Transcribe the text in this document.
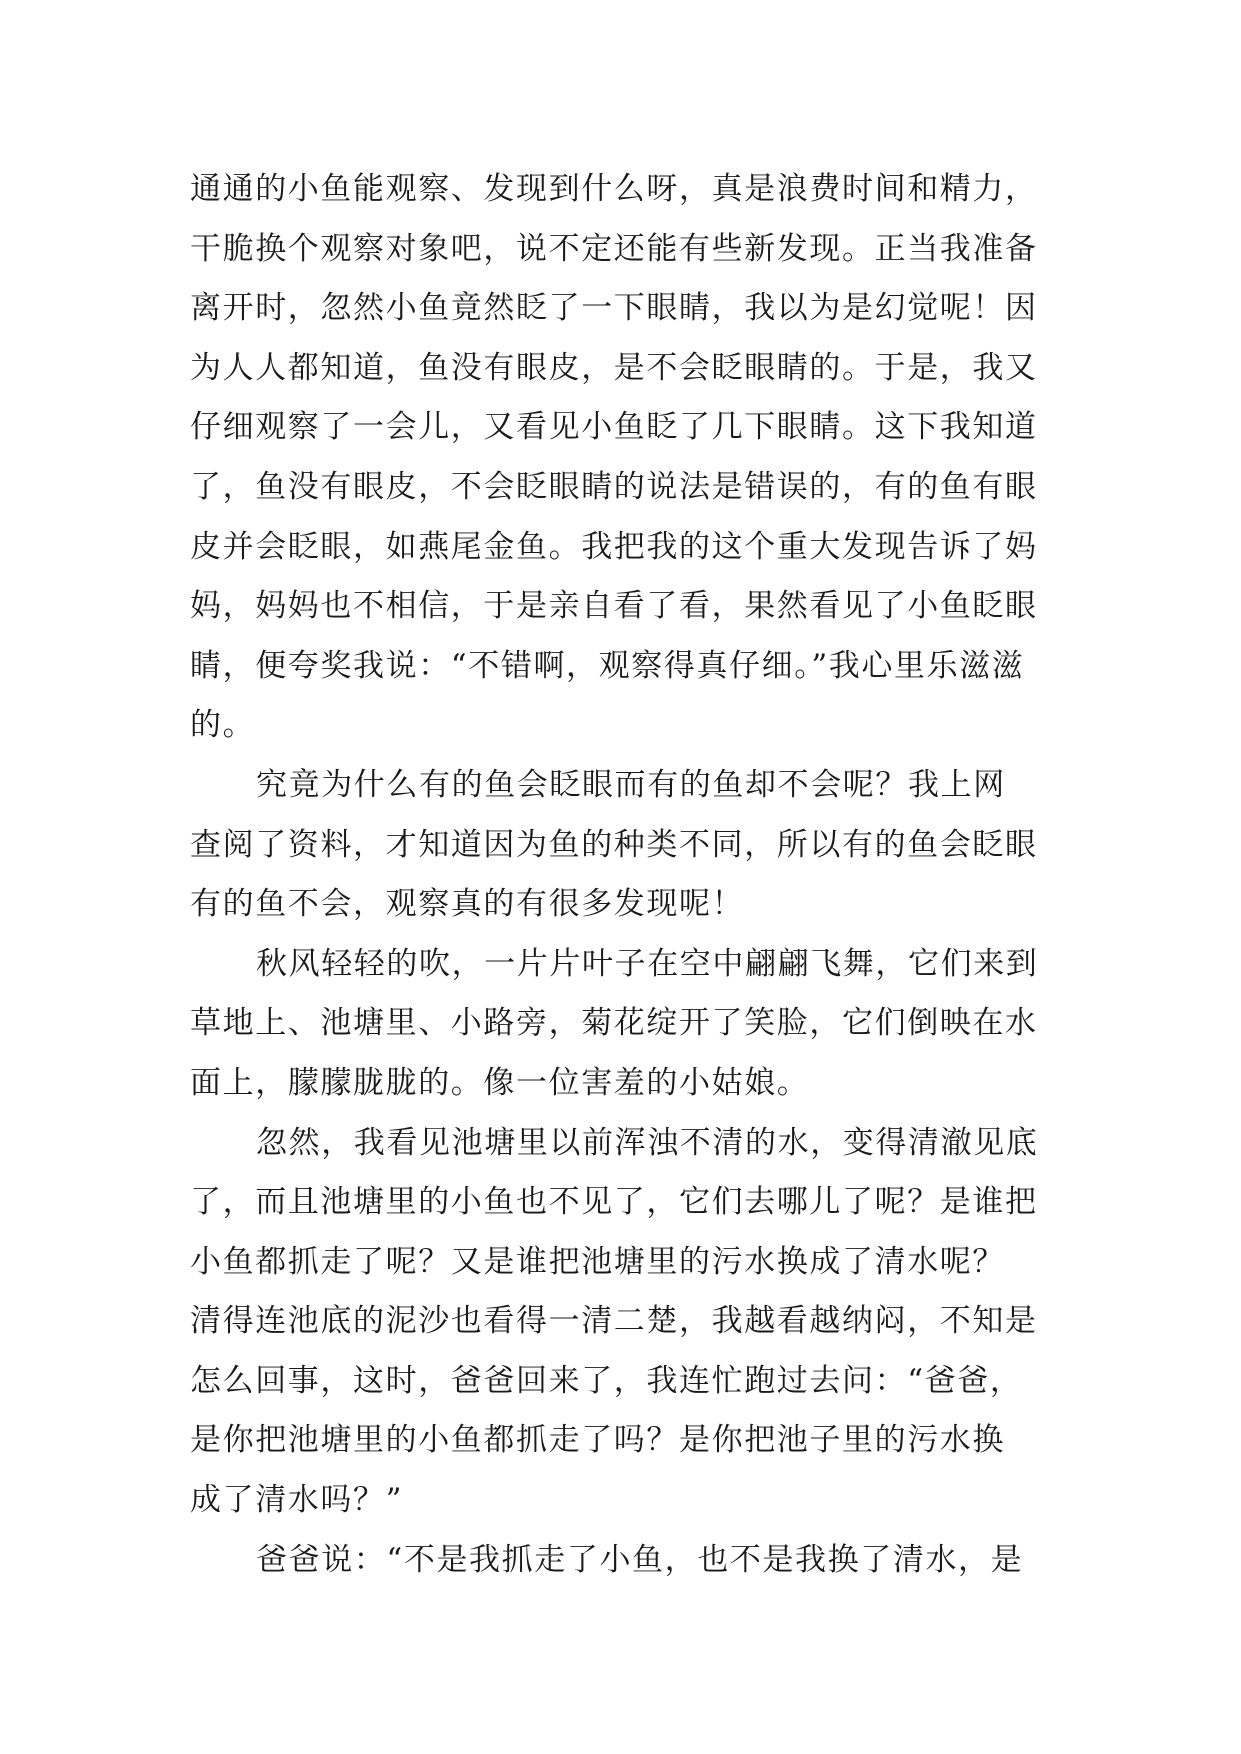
通通的小鱼能观察、发现到什么呀，真是浪费时间和精力，
干脆换个观察对象吧，说不定还能有些新发现。正当我准备
离开时，忽然小鱼竟然眨了一下眼睛，我以为是幻觉呢！因
为人人都知道，鱼没有眼皮，是不会眨眼睛的。于是，我又
仔细观察了一会儿，又看见小鱼眨了几下眼睛。这下我知道
了，鱼没有眼皮，不会眨眼睛的说法是错误的，有的鱼有眼
皮并会眨眼，如燕尾金鱼。我把我的这个重大发现告诉了妈
妈，妈妈也不相信，于是亲自看了看，果然看见了小鱼眨眼
睛，便夸奖我说：“不错啊，观察得真仔细。”我心里乐滋滋
的。
究竟为什么有的鱼会眨眼而有的鱼却不会呢？我上网
查阅了资料，才知道因为鱼的种类不同，所以有的鱼会眨眼
有的鱼不会，观察真的有很多发现呢！
秋风轻轻的吹，一片片叶子在空中翩翩飞舞，它们来到
草地上、池塘里、小路旁，菊花绽开了笑脸，它们倒映在水
面上，朦朦胧胧的。像一位害羞的小姑娘。
忽然，我看见池塘里以前浑浊不清的水，变得清澈见底
了，而且池塘里的小鱼也不见了，它们去哪儿了呢？是谁把
小鱼都抓走了呢？又是谁把池塘里的污水换成了清水呢？
清得连池底的泥沙也看得一清二楚，我越看越纳闷，不知是
怎么回事，这时，爸爸回来了，我连忙跑过去问：“爸爸，
是你把池塘里的小鱼都抓走了吗？是你把池子里的污水换
成了清水吗？”
爸爸说：“不是我抓走了小鱼，也不是我换了清水，是
